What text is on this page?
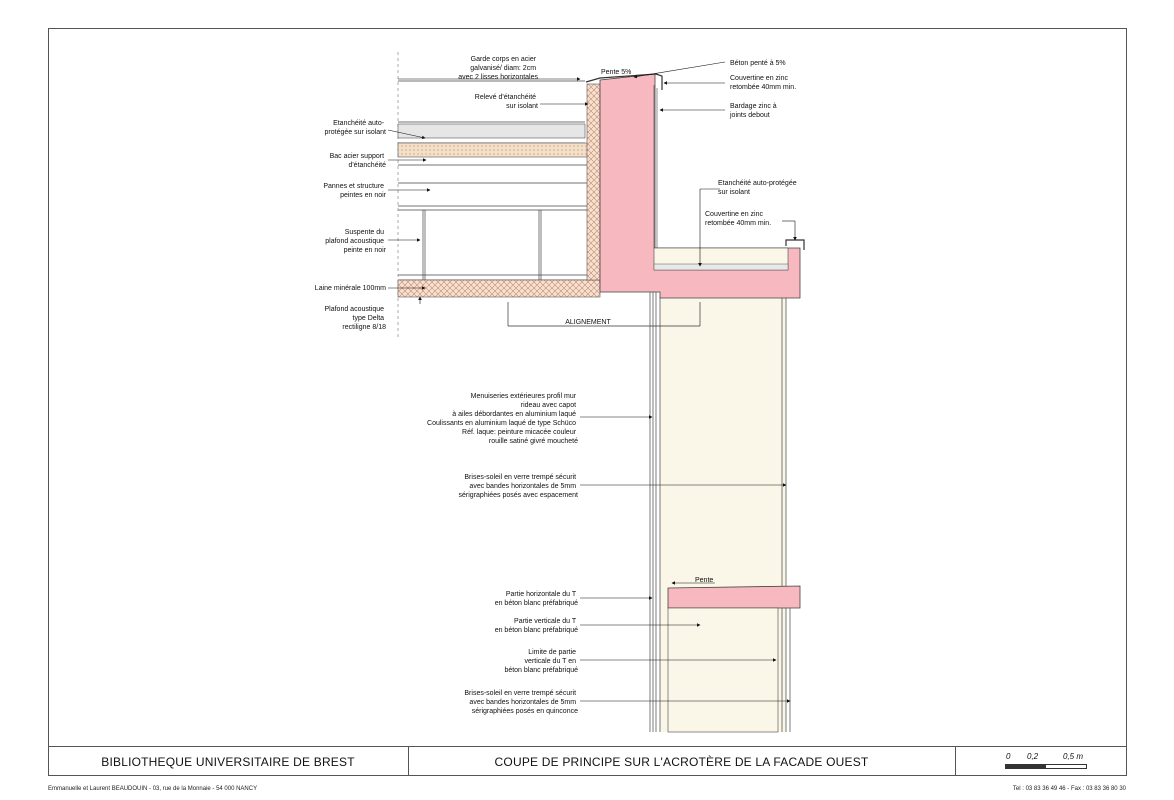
Garde corps en acier galvanisé/ diam: 2cm avec 2 lisses horizontales
Relevé d'étanchéité sur isolant
Etanchéité auto- protégée sur isolant
Bac acier support d'étanchéité
Pannes et structure peintes en noir
Suspente du plafond acoustique peinte en noir
Laine minérale 100mm
Plafond acoustique type Delta rectiligne 8/18
Menuiseries extérieures profil mur rideau avec capot à ailes débordantes en aluminium laqué Coulissants en aluminium laqué de type Schüco Réf. laque: peinture micacée couleur rouille satiné givré moucheté
Brises-soleil en verre trempé sécurit avec bandes horizontales de 5mm sérigraphiées posés avec espacement
Partie horizontale du T en béton blanc préfabriqué
Partie verticale du T en béton blanc préfabriqué
Limite de partie verticale du T en béton blanc préfabriqué
Brises-soleil en verre trempé sécurit avec bandes horizontales de 5mm sérigraphiées posés en quinconce
Béton penté à 5%
Couvertine en zinc retombée 40mm min.
Bardage zinc à joints debout
Etanchéité auto-protégée sur isolant
Couvertine en zinc retombée 40mm min.
Pente 5%
ALIGNEMENT
Pente
BIBLIOTHEQUE UNIVERSITAIRE DE BREST	COUPE DE PRINCIPE SUR L'ACROTÈRE DE LA FACADE OUEST	0 0,2	0,5 m
Emmanuelle et Laurent BEAUDOUIN - 03, rue de la Monnaie - 54 000 NANCY	Tel : 03 83 36 49 46 - Fax : 03 83 36 80 30
